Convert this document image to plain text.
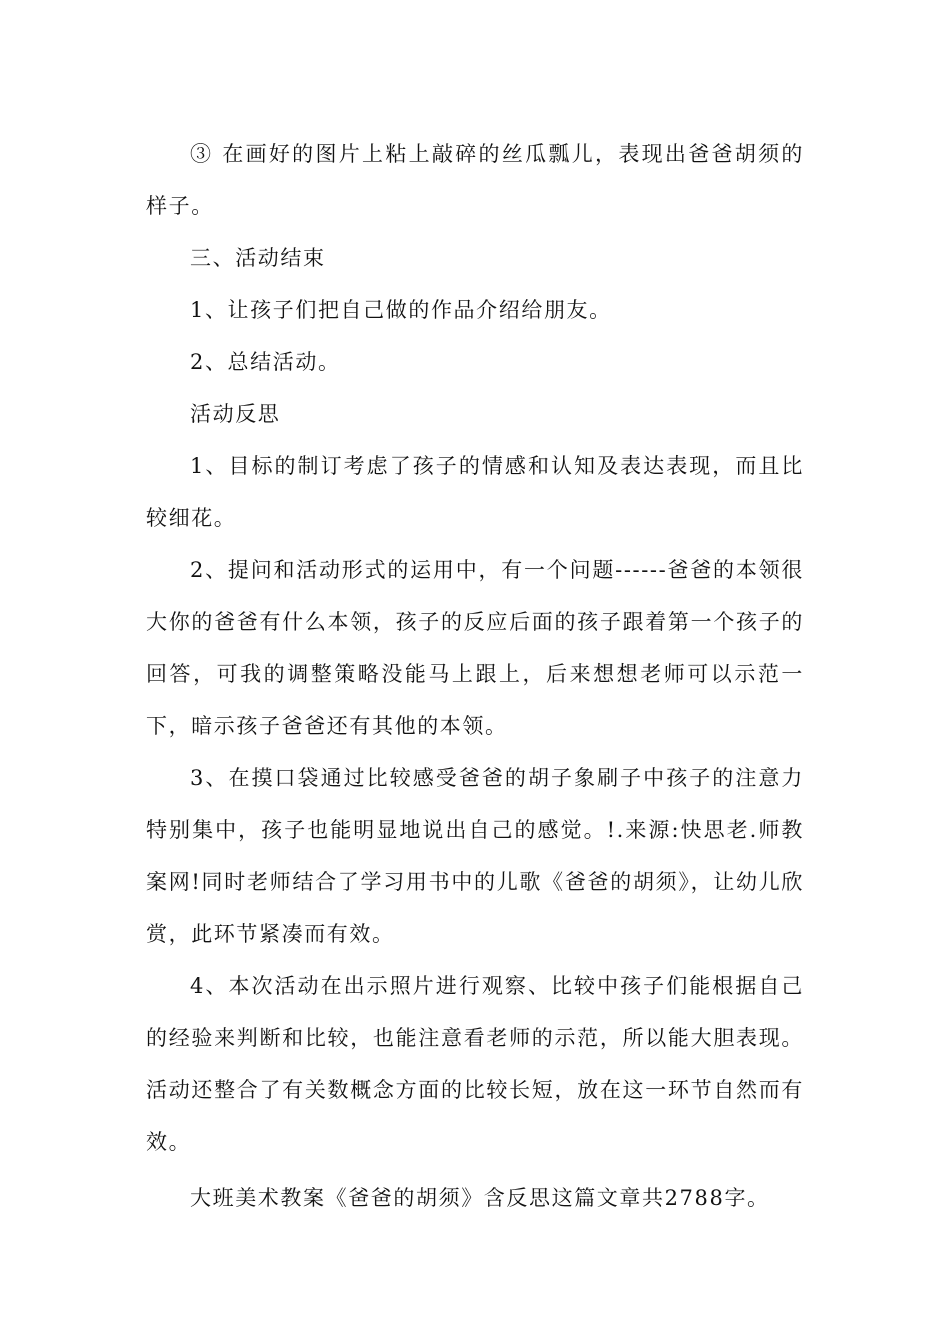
③ 在画好的图片上粘上敲碎的丝瓜瓢儿，表现出爸爸胡须的样子。

三、活动结束

1、让孩子们把自己做的作品介绍给朋友。

2、总结活动。

活动反思

1、目标的制订考虑了孩子的情感和认知及表达表现，而且比较细花。

2、提问和活动形式的运用中，有一个问题------爸爸的本领很大你的爸爸有什么本领，孩子的反应后面的孩子跟着第一个孩子的回答，可我的调整策略没能马上跟上，后来想想老师可以示范一下，暗示孩子爸爸还有其他的本领。

3、在摸口袋通过比较感受爸爸的胡子象刷子中孩子的注意力特别集中，孩子也能明显地说出自己的感觉。!.来源:快思老.师教案网!同时老师结合了学习用书中的儿歌《爸爸的胡须》，让幼儿欣赏，此环节紧凑而有效。

4、本次活动在出示照片进行观察、比较中孩子们能根据自己的经验来判断和比较，也能注意看老师的示范，所以能大胆表现。活动还整合了有关数概念方面的比较长短，放在这一环节自然而有效。

大班美术教案《爸爸的胡须》含反思这篇文章共2788字。
